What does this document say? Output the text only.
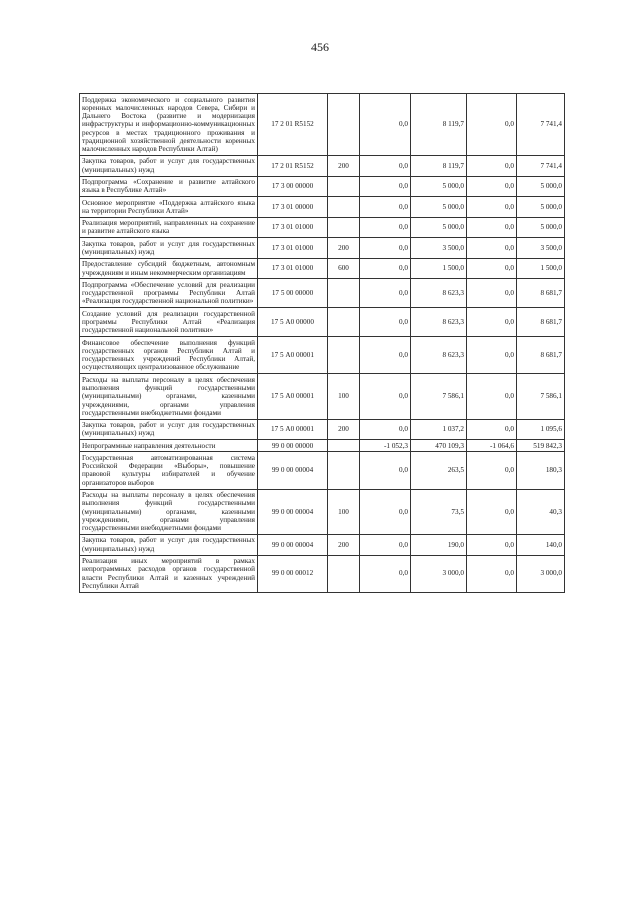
456
Поддержка экономического и социального развития коренных малочисленных народов Севера, Сибири и Дальнего Востока (развитие и модернизация инфраструктуры и информационно-коммуникационных ресурсов в местах традиционного проживания и традиционной хозяйственной деятельности коренных малочисленных народов Республики Алтай)	17 2 01 R5152		0,0	8 119,7	0,0	7 741,4
Закупка товаров, работ и услуг для государственных (муниципальных) нужд	17 2 01 R5152	200	0,0	8 119,7	0,0	7 741,4
Подпрограмма «Сохранение и развитие алтайского языка в Республике Алтай»	17 3 00 00000		0,0	5 000,0	0,0	5 000,0
Основное мероприятие «Поддержка алтайского языка на территории Республики Алтай»	17 3 01 00000		0,0	5 000,0	0,0	5 000,0
Реализация мероприятий, направленных на сохранение и развитие алтайского языка	17 3 01 01000		0,0	5 000,0	0,0	5 000,0
Закупка товаров, работ и услуг для государственных (муниципальных) нужд	17 3 01 01000	200	0,0	3 500,0	0,0	3 500,0
Предоставление субсидий бюджетным, автономным учреждениям и иным некоммерческим организациям	17 3 01 01000	600	0,0	1 500,0	0,0	1 500,0
Подпрограмма «Обеспечение условий для реализации государственной программы Республики Алтай «Реализация государственной национальной политики»	17 5 00 00000		0,0	8 623,3	0,0	8 681,7
Создание условий для реализации государственной программы Республики Алтай «Реализация государственной национальной политики»	17 5 А0 00000		0,0	8 623,3	0,0	8 681,7
Финансовое обеспечение выполнения функций государственных органов Республики Алтай и государственных учреждений Республики Алтай, осуществляющих централизованное обслуживание	17 5 А0 00001		0,0	8 623,3	0,0	8 681,7
Расходы на выплаты персоналу в целях обеспечения выполнения функций государственными (муниципальными) органами, казенными учреждениями, органами управления государственными внебюджетными фондами	17 5 А0 00001	100	0,0	7 586,1	0,0	7 586,1
Закупка товаров, работ и услуг для государственных (муниципальных) нужд	17 5 А0 00001	200	0,0	1 037,2	0,0	1 095,6
Непрограммные направления деятельности	99 0 00 00000		-1 052,3	470 109,3	-1 064,6	519 842,3
Государственная автоматизированная система Российской Федерации «Выборы», повышение правовой культуры избирателей и обучение организаторов выборов	99 0 00 00004		0,0	263,5	0,0	180,3
Расходы на выплаты персоналу в целях обеспечения выполнения функций государственными (муниципальными) органами, казенными учреждениями, органами управления государственными внебюджетными фондами	99 0 00 00004	100	0,0	73,5	0,0	40,3
Закупка товаров, работ и услуг для государственных (муниципальных) нужд	99 0 00 00004	200	0,0	190,0	0,0	140,0
Реализация иных мероприятий в рамках непрограммных расходов органов государственной власти Республики Алтай и казенных учреждений Республики Алтай	99 0 00 00012		0,0	3 000,0	0,0	3 000,0
